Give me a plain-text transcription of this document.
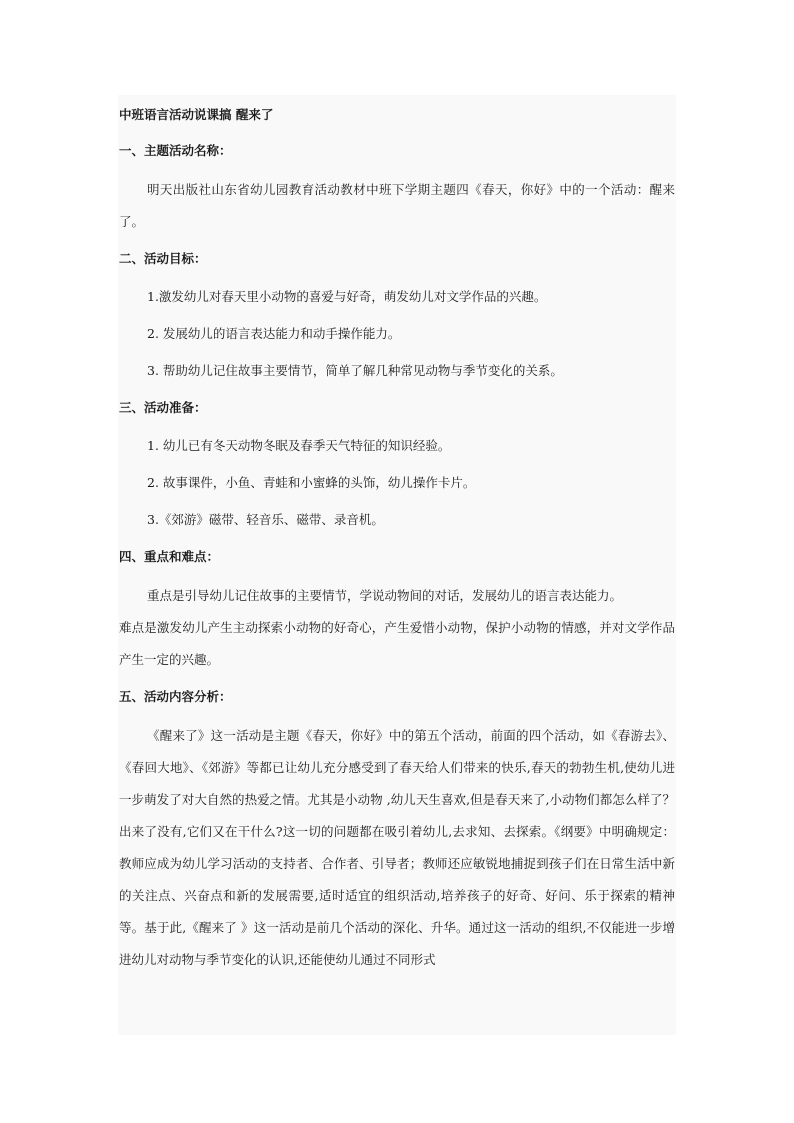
中班语言活动说课搞 醒来了

一、主题活动名称：

明天出版社山东省幼儿园教育活动教材中班下学期主题四《春天，你好》中的一个活动：醒来了。

二、活动目标：

1.激发幼儿对春天里小动物的喜爱与好奇，萌发幼儿对文学作品的兴趣。

2. 发展幼儿的语言表达能力和动手操作能力。

3. 帮助幼儿记住故事主要情节，简单了解几种常见动物与季节变化的关系。

三、活动准备：

1. 幼儿已有冬天动物冬眠及春季天气特征的知识经验。

2. 故事课件，小鱼、青蛙和小蜜蜂的头饰，幼儿操作卡片。

3.《郊游》磁带、轻音乐、磁带、录音机。

四、重点和难点：

重点是引导幼儿记住故事的主要情节，学说动物间的对话，发展幼儿的语言表达能力。

难点是激发幼儿产生主动探索小动物的好奇心，产生爱惜小动物，保护小动物的情感，并对文学作品产生一定的兴趣。

五、活动内容分析：

《醒来了》这一活动是主题《春天，你好》中的第五个活动，前面的四个活动，如《春游去》、《春回大地》、《郊游》等都已让幼儿充分感受到了春天给人们带来的快乐,春天的勃勃生机,使幼儿进一步萌发了对大自然的热爱之情。尤其是小动物 ,幼儿天生喜欢,但是春天来了,小动物们都怎么样了？出来了没有,它们又在干什么?这一切的问题都在吸引着幼儿,去求知、去探索。《纲要》中明确规定：教师应成为幼儿学习活动的支持者、合作者、引导者；教师还应敏锐地捕捉到孩子们在日常生活中新的关注点、兴奋点和新的发展需要,适时适宜的组织活动,培养孩子的好奇、好问、乐于探索的精神等。基于此,《醒来了 》这一活动是前几个活动的深化、升华。通过这一活动的组织,不仅能进一步增进幼儿对动物与季节变化的认识,还能使幼儿通过不同形式
